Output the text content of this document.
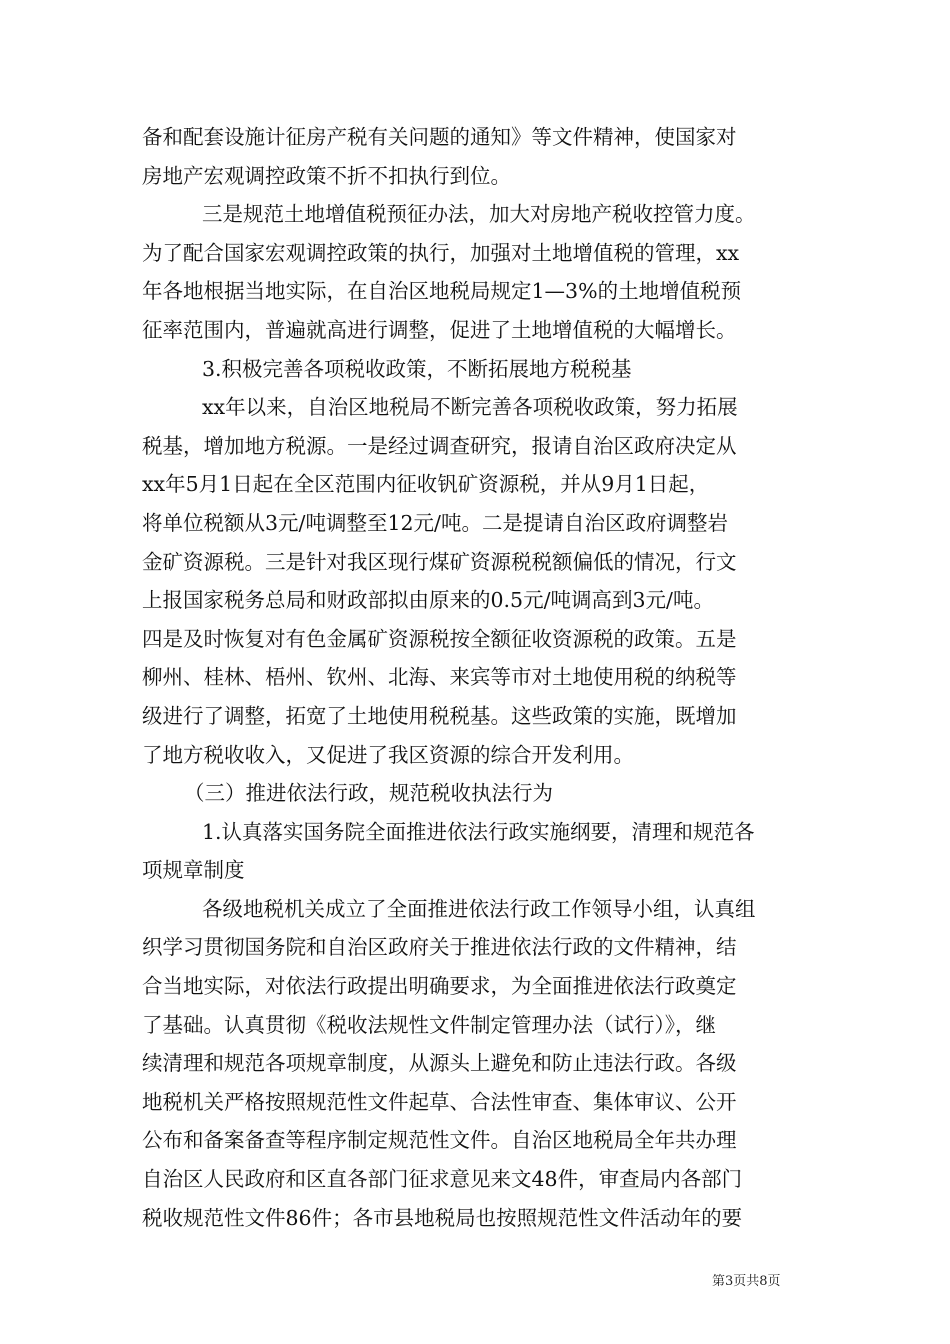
备和配套设施计征房产税有关问题的通知》等文件精神，使国家对
房地产宏观调控政策不折不扣执行到位。
三是规范土地增值税预征办法，加大对房地产税收控管力度。
为了配合国家宏观调控政策的执行，加强对土地增值税的管理，xx
年各地根据当地实际，在自治区地税局规定1—3%的土地增值税预
征率范围内，普遍就高进行调整，促进了土地增值税的大幅增长。
3.积极完善各项税收政策，不断拓展地方税税基
xx年以来，自治区地税局不断完善各项税收政策，努力拓展
税基，增加地方税源。一是经过调查研究，报请自治区政府决定从
xx年5月1日起在全区范围内征收钒矿资源税，并从9月1日起，
将单位税额从3元/吨调整至12元/吨。二是提请自治区政府调整岩
金矿资源税。三是针对我区现行煤矿资源税税额偏低的情况，行文
上报国家税务总局和财政部拟由原来的0.5元/吨调高到3元/吨。
四是及时恢复对有色金属矿资源税按全额征收资源税的政策。五是
柳州、桂林、梧州、钦州、北海、来宾等市对土地使用税的纳税等
级进行了调整，拓宽了土地使用税税基。这些政策的实施，既增加
了地方税收收入，又促进了我区资源的综合开发利用。
（三）推进依法行政，规范税收执法行为
1.认真落实国务院全面推进依法行政实施纲要，清理和规范各
项规章制度
各级地税机关成立了全面推进依法行政工作领导小组，认真组
织学习贯彻国务院和自治区政府关于推进依法行政的文件精神，结
合当地实际，对依法行政提出明确要求，为全面推进依法行政奠定
了基础。认真贯彻《税收法规性文件制定管理办法（试行）》，继
续清理和规范各项规章制度，从源头上避免和防止违法行政。各级
地税机关严格按照规范性文件起草、合法性审查、集体审议、公开
公布和备案备查等程序制定规范性文件。自治区地税局全年共办理
自治区人民政府和区直各部门征求意见来文48件，审查局内各部门
税收规范性文件86件；各市县地税局也按照规范性文件活动年的要
第3页共8页
